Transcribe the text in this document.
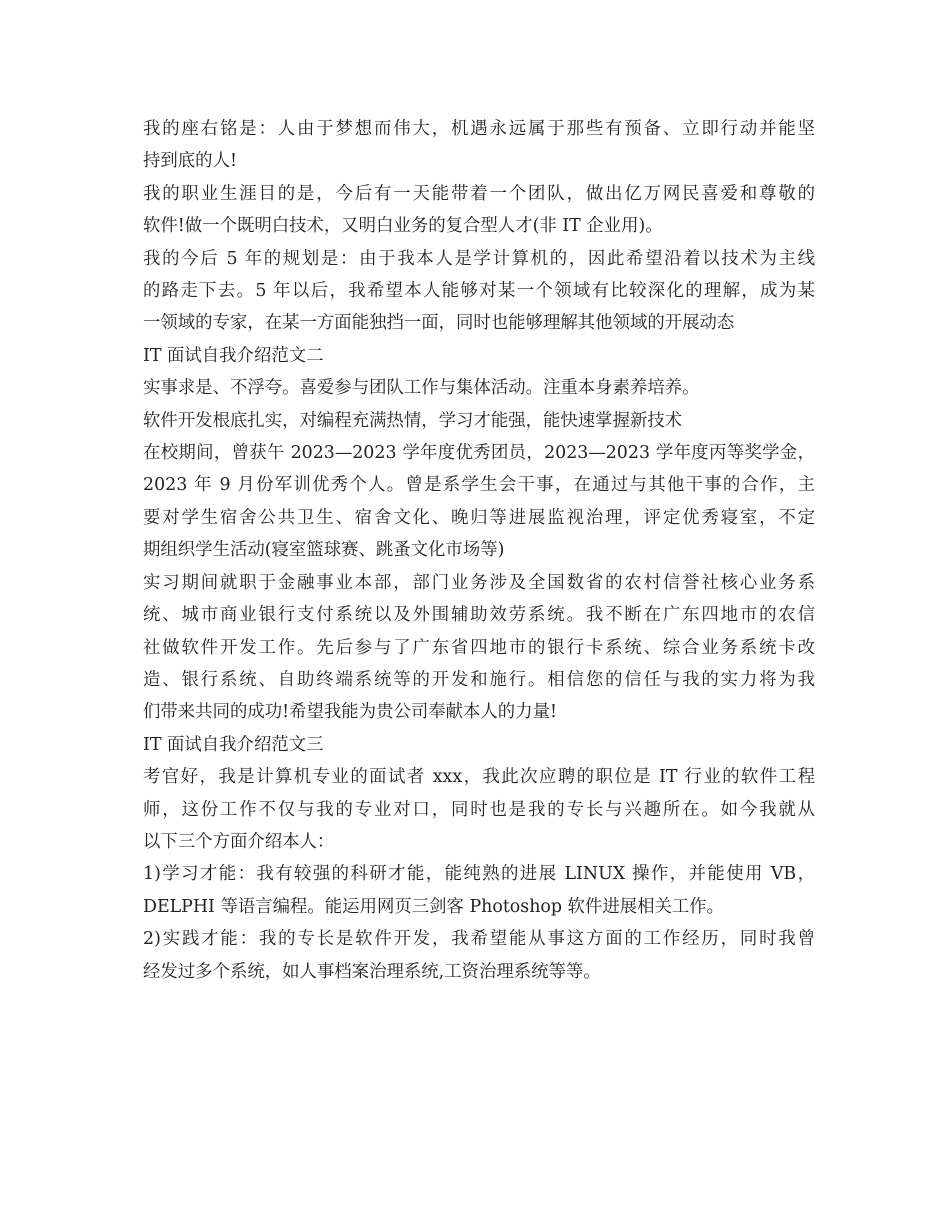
我的座右铭是：人由于梦想而伟大，机遇永远属于那些有预备、立即行动并能坚

持到底的人!

我的职业生涯目的是，今后有一天能带着一个团队，做出亿万网民喜爱和尊敬的

软件!做一个既明白技术，又明白业务的复合型人才(非 IT 企业用)。

我的今后 5 年的规划是：由于我本人是学计算机的，因此希望沿着以技术为主线

的路走下去。5 年以后，我希望本人能够对某一个领域有比较深化的理解，成为某

一领域的专家，在某一方面能独挡一面，同时也能够理解其他领域的开展动态

IT 面试自我介绍范文二

实事求是、不浮夸。喜爱参与团队工作与集体活动。注重本身素养培养。

软件开发根底扎实，对编程充满热情，学习才能强，能快速掌握新技术

在校期间，曾获午 2023—2023 学年度优秀团员，2023—2023 学年度丙等奖学金，

2023 年 9 月份军训优秀个人。曾是系学生会干事，在通过与其他干事的合作，主

要对学生宿舍公共卫生、宿舍文化、晚归等进展监视治理，评定优秀寝室，不定

期组织学生活动(寝室篮球赛、跳蚤文化市场等)

实习期间就职于金融事业本部，部门业务涉及全国数省的农村信誉社核心业务系

统、城市商业银行支付系统以及外围辅助效劳系统。我不断在广东四地市的农信

社做软件开发工作。先后参与了广东省四地市的银行卡系统、综合业务系统卡改

造、银行系统、自助终端系统等的开发和施行。相信您的信任与我的实力将为我

们带来共同的成功!希望我能为贵公司奉献本人的力量!

IT 面试自我介绍范文三

考官好，我是计算机专业的面试者 xxx，我此次应聘的职位是 IT 行业的软件工程

师，这份工作不仅与我的专业对口，同时也是我的专长与兴趣所在。如今我就从

以下三个方面介绍本人：

1)学习才能：我有较强的科研才能，能纯熟的进展 LINUX 操作，并能使用 VB，

DELPHI 等语言编程。能运用网页三剑客 Photoshop 软件进展相关工作。

2)实践才能：我的专长是软件开发，我希望能从事这方面的工作经历，同时我曾

经发过多个系统，如人事档案治理系统,工资治理系统等等。
